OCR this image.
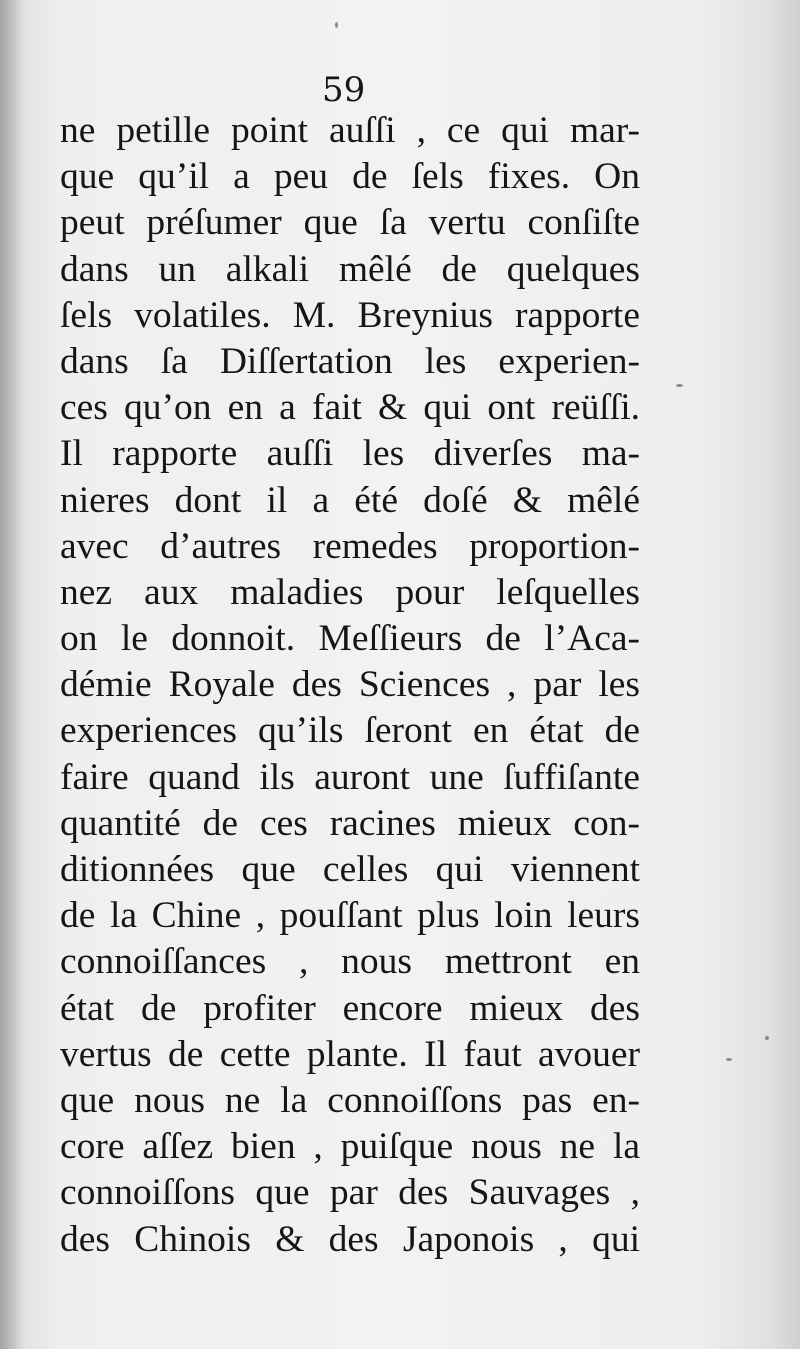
59
ne petille point auſſi , ce qui mar-
que qu’il a peu de ſels fixes. On
peut préſumer que ſa vertu conſiſte
dans un alkali mêlé de quelques
ſels volatiles. M. Breynius rapporte
dans ſa Diſſertation les experien-
ces qu’on en a fait & qui ont reüſſi.
Il rapporte auſſi les diverſes ma-
nieres dont il a été doſé & mêlé
avec d’autres remedes proportion-
nez aux maladies pour leſquelles
on le donnoit. Meſſieurs de l’Aca-
démie Royale des Sciences , par les
experiences qu’ils ſeront en état de
faire quand ils auront une ſuffiſante
quantité de ces racines mieux con-
ditionnées que celles qui viennent
de la Chine , pouſſant plus loin leurs
connoiſſances , nous mettront en
état de profiter encore mieux des
vertus de cette plante. Il faut avouer
que nous ne la connoiſſons pas en-
core aſſez bien , puiſque nous ne la
connoiſſons que par des Sauvages ,
des Chinois & des Japonois , qui
